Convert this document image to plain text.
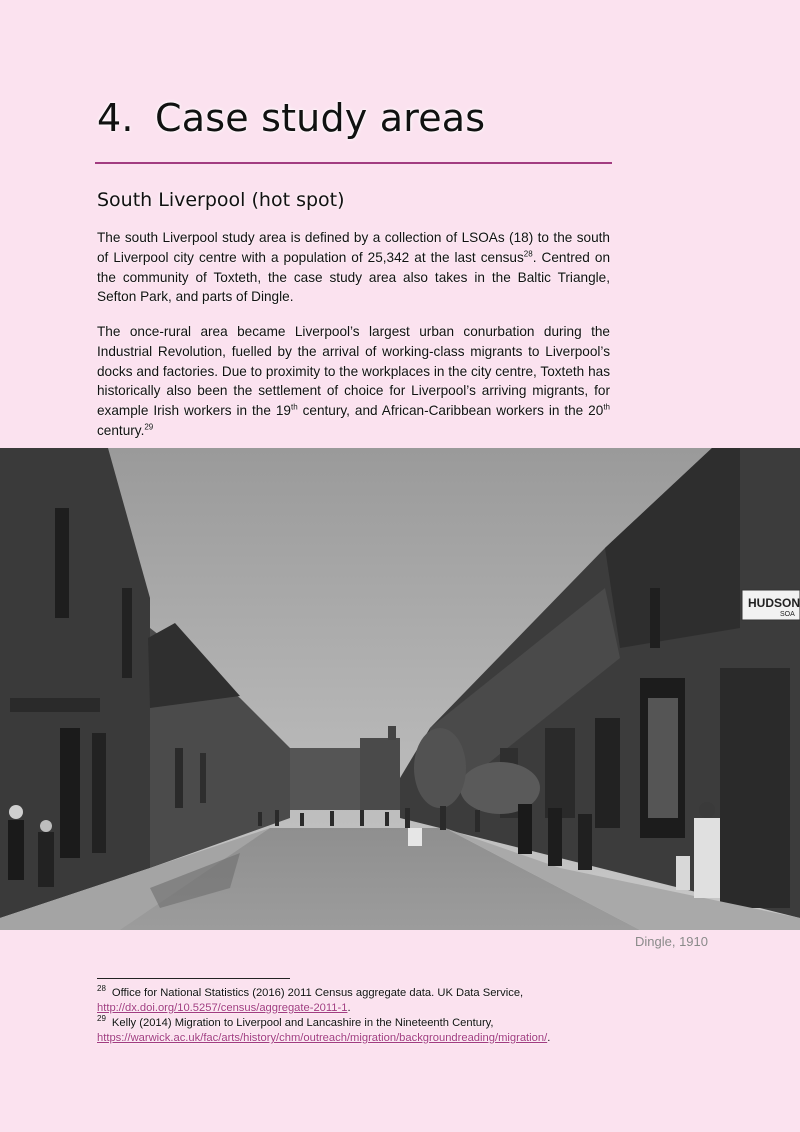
4. Case study areas
South Liverpool (hot spot)

The south Liverpool study area is defined by a collection of LSOAs (18) to the south of Liverpool city centre with a population of 25,342 at the last census$^{28}$. Centred on the community of Toxteth, the case study area also takes in the Baltic Triangle, Sefton Park, and parts of Dingle.

The once-rural area became Liverpool’s largest urban conurbation during the Industrial Revolution, fuelled by the arrival of working-class migrants to Liverpool’s docks and factories. Due to proximity to the workplaces in the city centre, Toxteth has historically also been the settlement of choice for Liverpool’s arriving migrants, for example Irish workers in the 19th century, and African-Caribbean workers in the 20th century.$^{29}$

HUDSON
SOA
Dingle, 1910

$^{28}$ Office for National Statistics (2016) 2011 Census aggregate data. UK Data Service,
http://dx.doi.org/10.5257/census/aggregate-2011-1.

$^{29}$ Kelly (2014) Migration to Liverpool and Lancashire in the Nineteenth Century,
https://warwick.ac.uk/fac/arts/history/chm/outreach/migration/backgroundreading/migration/.
